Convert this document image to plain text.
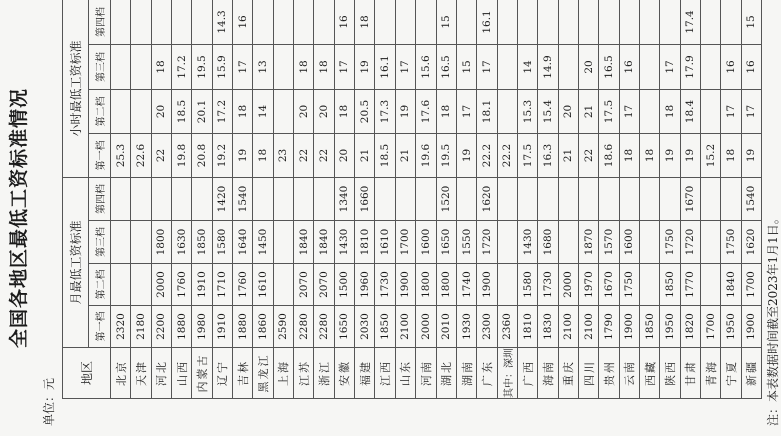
全国各地区最低工资标准情况
单位：元
地区	月最低工资标准				小时最低工资标准			
	第一档	第二档	第三档	第四档	第一档	第二档	第三档	第四档
北京	2320				25.3			
天津	2180				22.6			
河北	2200	2000	1800		22	20	18	
山西	1880	1760	1630		19.8	18.5	17.2	
内蒙古	1980	1910	1850		20.8	20.1	19.5	
辽宁	1910	1710	1580	1420	19.2	17.2	15.9	14.3
吉林	1880	1760	1640	1540	19	18	17	16
黑龙江	1860	1610	1450		18	14	13	
上海	2590				23			
江苏	2280	2070	1840		22	20	18	
浙江	2280	2070	1840		22	20	18	
安徽	1650	1500	1430	1340	20	18	17	16
福建	2030	1960	1810	1660	21	20.5	19	18
江西	1850	1730	1610		18.5	17.3	16.1	
山东	2100	1900	1700		21	19	17	
河南	2000	1800	1600		19.6	17.6	15.6	
湖北	2010	1800	1650	1520	19.5	18	16.5	15
湖南	1930	1740	1550		19	17	15	
广东	2300	1900	1720	1620	22.2	18.1	17	16.1
其中：深圳	2360				22.2			
广西	1810	1580	1430		17.5	15.3	14	
海南	1830	1730	1680		16.3	15.4	14.9	
重庆	2100	2000			21	20		
四川	2100	1970	1870		22	21	20	
贵州	1790	1670	1570		18.6	17.5	16.5	
云南	1900	1750	1600		18	17	16	
西藏	1850				18			
陕西	1950	1850	1750		19	18	17	
甘肃	1820	1770	1720	1670	19	18.4	17.9	17.4
青海	1700				15.2			
宁夏	1950	1840	1750		18	17	16	
新疆	1900	1700	1620	1540	19	17	16	15
注：本表数据时间截至2023年1月1日。
